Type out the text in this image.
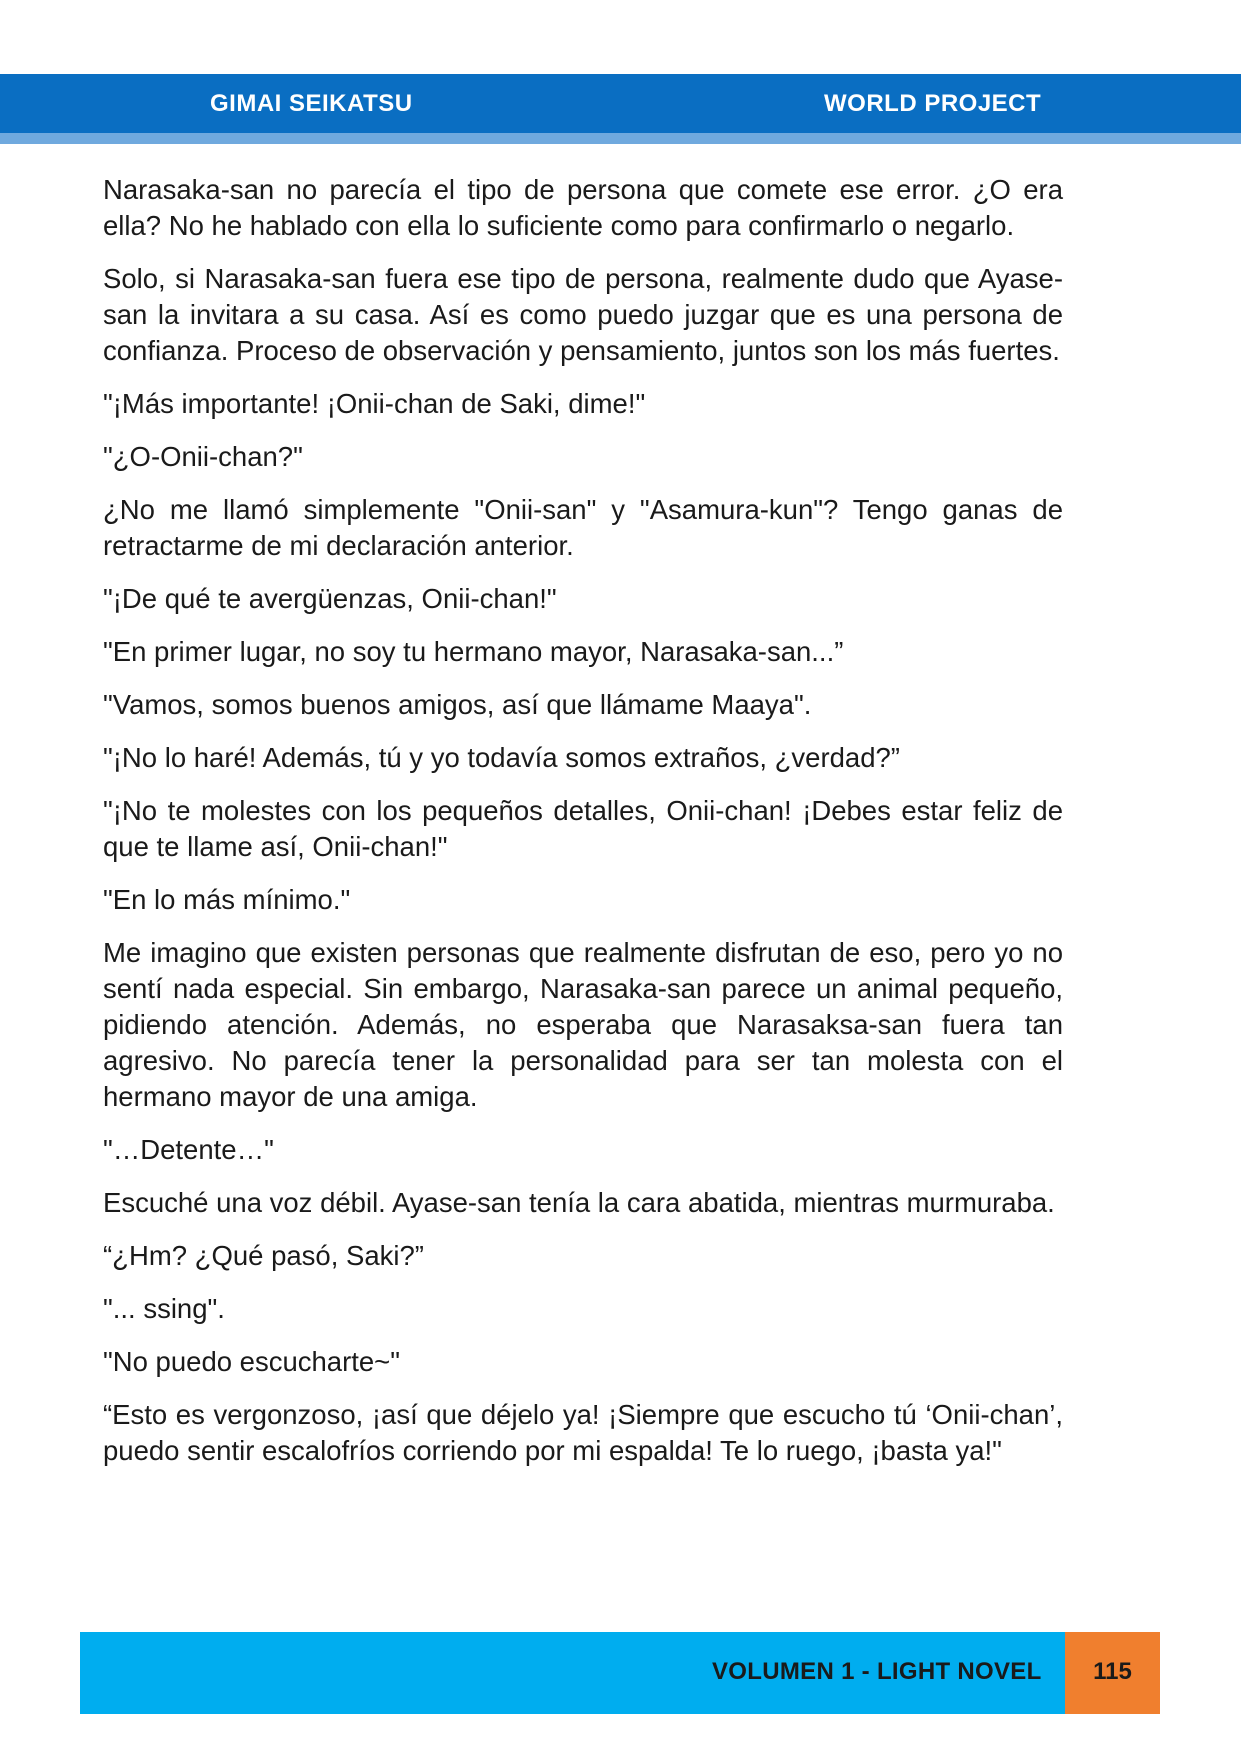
GIMAI SEIKATSU	WORLD PROJECT

Narasaka-san no parecía el tipo de persona que comete ese error. ¿O era ella? No he hablado con ella lo suficiente como para confirmarlo o negarlo.

Solo, si Narasaka-san fuera ese tipo de persona, realmente dudo que Ayase-san la invitara a su casa. Así es como puedo juzgar que es una persona de confianza. Proceso de observación y pensamiento, juntos son los más fuertes.

"¡Más importante! ¡Onii-chan de Saki, dime!"

"¿O-Onii-chan?"

¿No me llamó simplemente "Onii-san" y "Asamura-kun"? Tengo ganas de retractarme de mi declaración anterior.

"¡De qué te avergüenzas, Onii-chan!"

"En primer lugar, no soy tu hermano mayor, Narasaka-san...”

"Vamos, somos buenos amigos, así que llámame Maaya".

"¡No lo haré! Además, tú y yo todavía somos extraños, ¿verdad?”

"¡No te molestes con los pequeños detalles, Onii-chan! ¡Debes estar feliz de que te llame así, Onii-chan!"

"En lo más mínimo."

Me imagino que existen personas que realmente disfrutan de eso, pero yo no sentí nada especial. Sin embargo, Narasaka-san parece un animal pequeño, pidiendo atención. Además, no esperaba que Narasaksa-san fuera tan agresivo. No parecía tener la personalidad para ser tan molesta con el hermano mayor de una amiga.

"…Detente…"

Escuché una voz débil. Ayase-san tenía la cara abatida, mientras murmuraba.

“¿Hm? ¿Qué pasó, Saki?”

"... ssing".

"No puedo escucharte~"

“Esto es vergonzoso, ¡así que déjelo ya! ¡Siempre que escucho tú ‘Onii-chan’, puedo sentir escalofríos corriendo por mi espalda! Te lo ruego, ¡basta ya!"

VOLUMEN 1 - LIGHT NOVEL	115
